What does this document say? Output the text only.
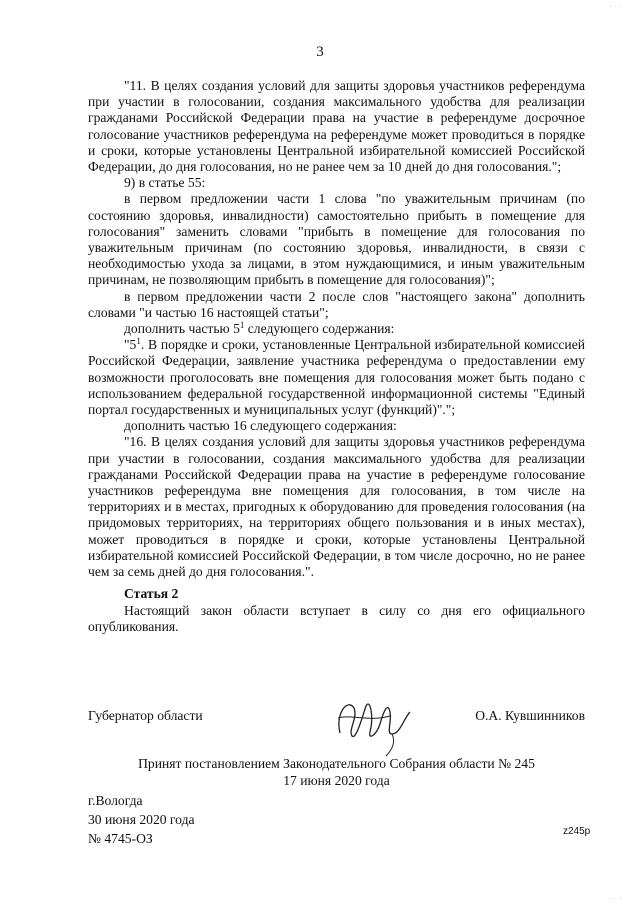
3

"11. В целях создания условий для защиты здоровья участников референдума при участии в голосовании, создания максимального удобства для реализации гражданами Российской Федерации права на участие в референдуме досрочное голосование участников референдума на референдуме может проводиться в порядке и сроки, которые установлены Центральной избирательной комиссией Российской Федерации, до дня голосования, но не ранее чем за 10 дней до дня голосования.";

9) в статье 55:

в первом предложении части 1 слова "по уважительным причинам (по состоянию здоровья, инвалидности) самостоятельно прибыть в помещение для голосования" заменить словами "прибыть в помещение для голосования по уважительным причинам (по состоянию здоровья, инвалидности, в связи с необходимостью ухода за лицами, в этом нуждающимися, и иным уважительным причинам, не позволяющим прибыть в помещение для голосования)";

в первом предложении части 2 после слов "настоящего закона" дополнить словами "и частью 16 настоящей статьи";

дополнить частью $5^1$ следующего содержания:

"$5^1$. В порядке и сроки, установленные Центральной избирательной комиссией Российской Федерации, заявление участника референдума о предоставлении ему возможности проголосовать вне помещения для голосования может быть подано с использованием федеральной государственной информационной системы "Единый портал государственных и муниципальных услуг (функций)".";

дополнить частью 16 следующего содержания:

"16. В целях создания условий для защиты здоровья участников референдума при участии в голосовании, создания максимального удобства для реализации гражданами Российской Федерации права на участие в референдуме голосование участников референдума вне помещения для голосования, в том числе на территориях и в местах, пригодных к оборудованию для проведения голосования (на придомовых территориях, на территориях общего пользования и в иных местах), может проводиться в порядке и сроки, которые установлены Центральной избирательной комиссией Российской Федерации, в том числе досрочно, но не ранее чем за семь дней до дня голосования.".

Статья 2

Настоящий закон области вступает в силу со дня его официального опубликования.

Губернатор области	О.А. Кувшинников
Принят постановлением Законодательного Собрания области № 245
17 июня 2020 года
г.Вологда
30 июня 2020 года
№ 4745-ОЗ	z245р
· · ·
· · ·
